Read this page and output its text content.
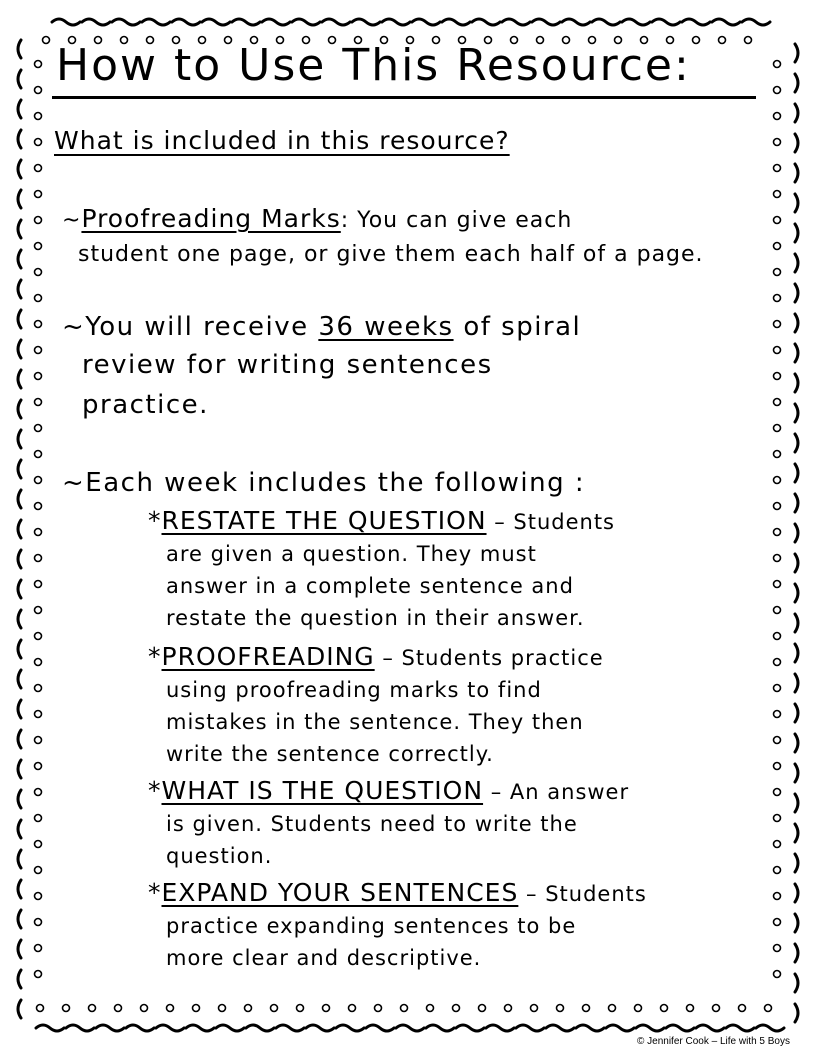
How to Use This Resource:
What is included in this resource?
~Proofreading Marks: You can give each
student one page, or give them each half of a page.
~You will receive 36 weeks of spiral
review for writing sentences
practice.
~Each week includes the following :
*RESTATE THE QUESTION – Students
are given a question. They must
answer in a complete sentence and
restate the question in their answer.
*PROOFREADING – Students practice
using proofreading marks to find
mistakes in the sentence. They then
write the sentence correctly.
*WHAT IS THE QUESTION – An answer
is given. Students need to write the
question.
*EXPAND YOUR SENTENCES – Students
practice expanding sentences to be
more clear and descriptive.
© Jennifer Cook – Life with 5 Boys
